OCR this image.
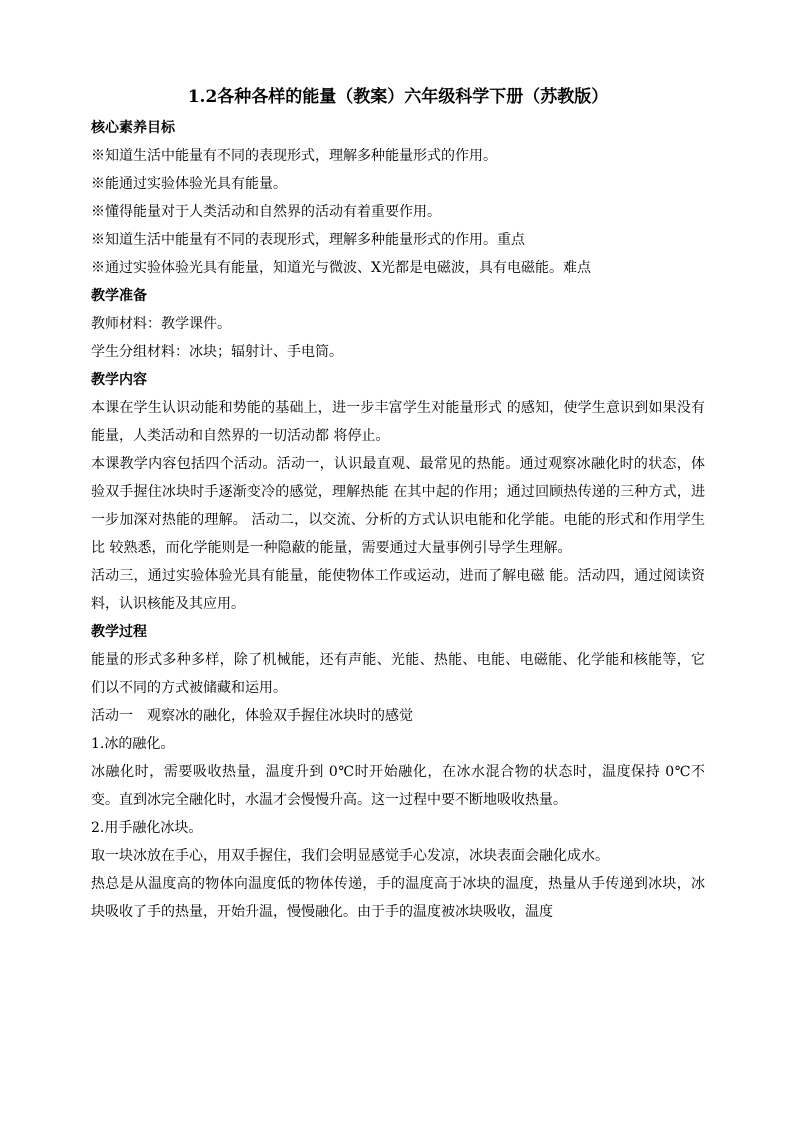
1.2各种各样的能量（教案）六年级科学下册（苏教版）
核心素养目标
※知道生活中能量有不同的表现形式，理解多种能量形式的作用。
※能通过实验体验光具有能量。
※懂得能量对于人类活动和自然界的活动有着重要作用。
※知道生活中能量有不同的表现形式，理解多种能量形式的作用。重点
※通过实验体验光具有能量，知道光与微波、X光都是电磁波，具有电磁能。难点
教学准备
教师材料：教学课件。
学生分组材料：冰块；辐射计、手电筒。
教学内容
本课在学生认识动能和势能的基础上，进一步丰富学生对能量形式 的感知，使学生意识到如果没有能量，人类活动和自然界的一切活动都 将停止。
本课教学内容包括四个活动。活动一，认识最直观、最常见的热能。通过观察冰融化时的状态，体验双手握住冰块时手逐渐变冷的感觉，理解热能 在其中起的作用；通过回顾热传递的三种方式，进一步加深对热能的理解。 活动二，以交流、分析的方式认识电能和化学能。电能的形式和作用学生比 较熟悉，而化学能则是一种隐蔽的能量，需要通过大量事例引导学生理解。
活动三，通过实验体验光具有能量，能使物体工作或运动，进而了解电磁 能。活动四，通过阅读资料，认识核能及其应用。
教学过程
能量的形式多种多样，除了机械能，还有声能、光能、热能、电能、电磁能、化学能和核能等，它们以不同的方式被储藏和运用。
活动一　观察冰的融化，体验双手握住冰块时的感觉
1.冰的融化。
冰融化时，需要吸收热量，温度升到 0℃时开始融化，在冰水混合物的状态时，温度保持 0℃不变。直到冰完全融化时，水温才会慢慢升高。这一过程中要不断地吸收热量。
2.用手融化冰块。
取一块冰放在手心，用双手握住，我们会明显感觉手心发凉，冰块表面会融化成水。
热总是从温度高的物体向温度低的物体传递，手的温度高于冰块的温度，热量从手传递到冰块，冰块吸收了手的热量，开始升温，慢慢融化。由于手的温度被冰块吸收，温度
